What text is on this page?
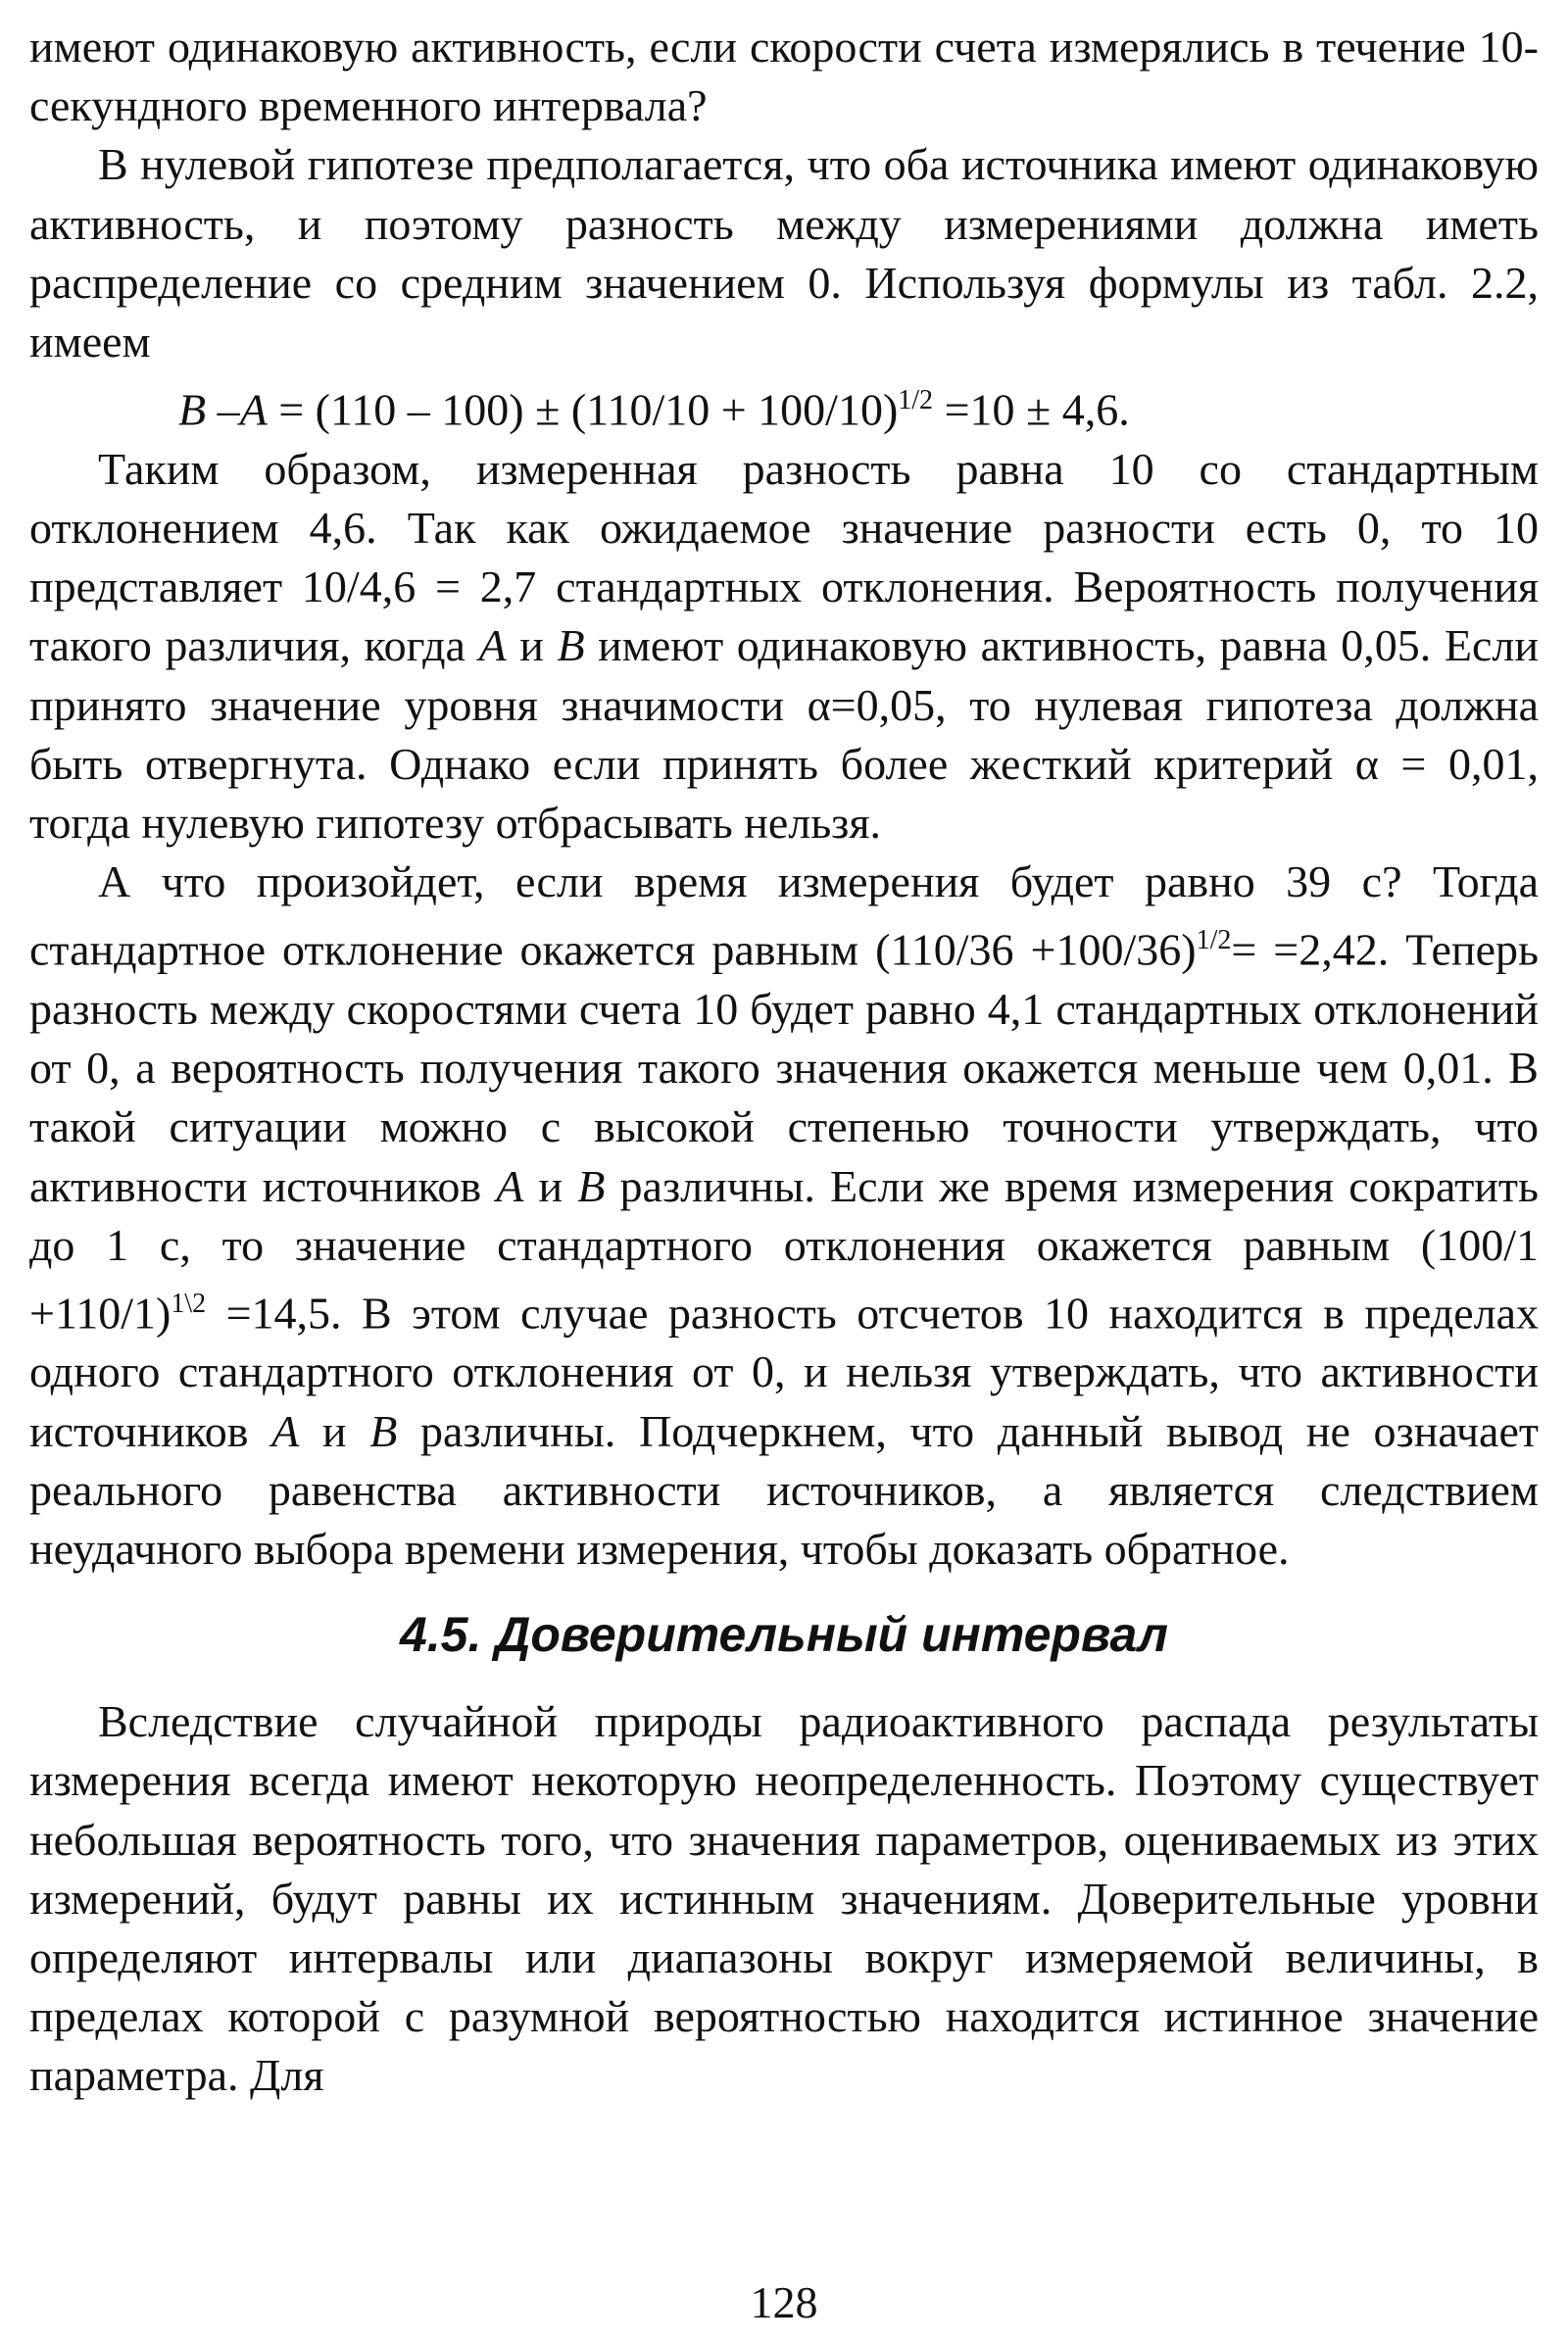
имеют одинаковую активность, если скорости счета измерялись в течение 10-секундного временного интервала?

В нулевой гипотезе предполагается, что оба источника имеют одинаковую активность, и поэтому разность между измерениями должна иметь распределение со средним значением 0. Используя формулы из табл. 2.2, имеем

B $-A = (110 - 100) \pm (110/10 + 100/10)^{1/2} =10 \pm 4,6$.

Таким образом, измеренная разность равна 10 со стандартным отклонением 4,6. Так как ожидаемое значение разности есть 0, то 10 представляет 10/4,6 = 2,7 стандартных отклонения. Вероятность получения такого различия, когда A и B имеют одинаковую активность, равна 0,05. Если принято значение уровня значимости α=0,05, то нулевая гипотеза должна быть отвергнута. Однако если принять более жесткий критерий α = 0,01, тогда нулевую гипотезу отбрасывать нельзя.

А что произойдет, если время измерения будет равно 39 с? Тогда стандартное отклонение окажется равным $(110/36 +100/36)^{1/2}= =2,42$. Теперь разность между скоростями счета 10 будет равно 4,1 стандартных отклонений от 0, а вероятность получения такого значения окажется меньше чем 0,01. В такой ситуации можно с высокой степенью точности утверждать, что активности источников A и B различны. Если же время измерения сократить до 1 с, то значение стандартного отклонения окажется равным $(100/1 +110/1)^{1\backslash 2} =14,5$. В этом случае разность отсчетов 10 находится в пределах одного стандартного отклонения от 0, и нельзя утверждать, что активности источников A и B различны. Подчеркнем, что данный вывод не означает реального равенства активности источников, а является следствием неудачного выбора времени измерения, чтобы доказать обратное.

4.5. Доверительный интервал

Вследствие случайной природы радиоактивного распада результаты измерения всегда имеют некоторую неопределенность. Поэтому существует небольшая вероятность того, что значения параметров, оцениваемых из этих измерений, будут равны их истинным значениям. Доверительные уровни определяют интервалы или диапазоны вокруг измеряемой величины, в пределах которой с разумной вероятностью находится истинное значение параметра. Для

128
